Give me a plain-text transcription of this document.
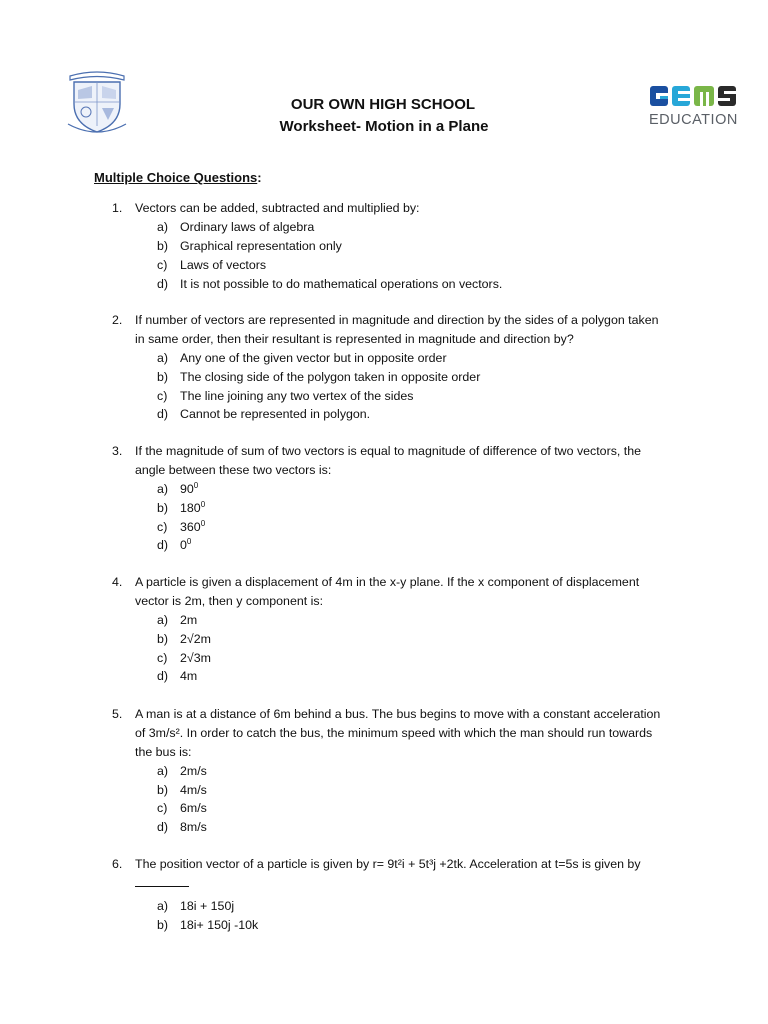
EDUCATION
OUR OWN HIGH SCHOOL
Worksheet- Motion in a Plane
Multiple Choice Questions:
1. Vectors can be added, subtracted and multiplied by:
a) Ordinary laws of algebra
b) Graphical representation only
c) Laws of vectors
d) It is not possible to do mathematical operations on vectors.
2. If number of vectors are represented in magnitude and direction by the sides of a polygon taken
in same order, then their resultant is represented in magnitude and direction by?
a) Any one of the given vector but in opposite order
b) The closing side of the polygon taken in opposite order
c) The line joining any two vertex of the sides
d) Cannot be represented in polygon.
3. If the magnitude of sum of two vectors is equal to magnitude of difference of two vectors, the
angle between these two vectors is:
a) $90^0$
b) $180^0$
c) $360^0$
d) $0^0$
4. A particle is given a displacement of 4m in the x-y plane. If the x component of displacement
vector is 2m, then y component is:
a) 2m
b) 2√2m
c) 2√3m
d) 4m
5. A man is at a distance of 6m behind a bus. The bus begins to move with a constant acceleration
of 3m/s². In order to catch the bus, the minimum speed with which the man should run towards
the bus is:
a) 2m/s
b) 4m/s
c) 6m/s
d) 8m/s
6. The position vector of a particle is given by r= 9t²i + 5t³j +2tk. Acceleration at t=5s is given by
a) 18i + 150j
b) 18i+ 150j -10k
